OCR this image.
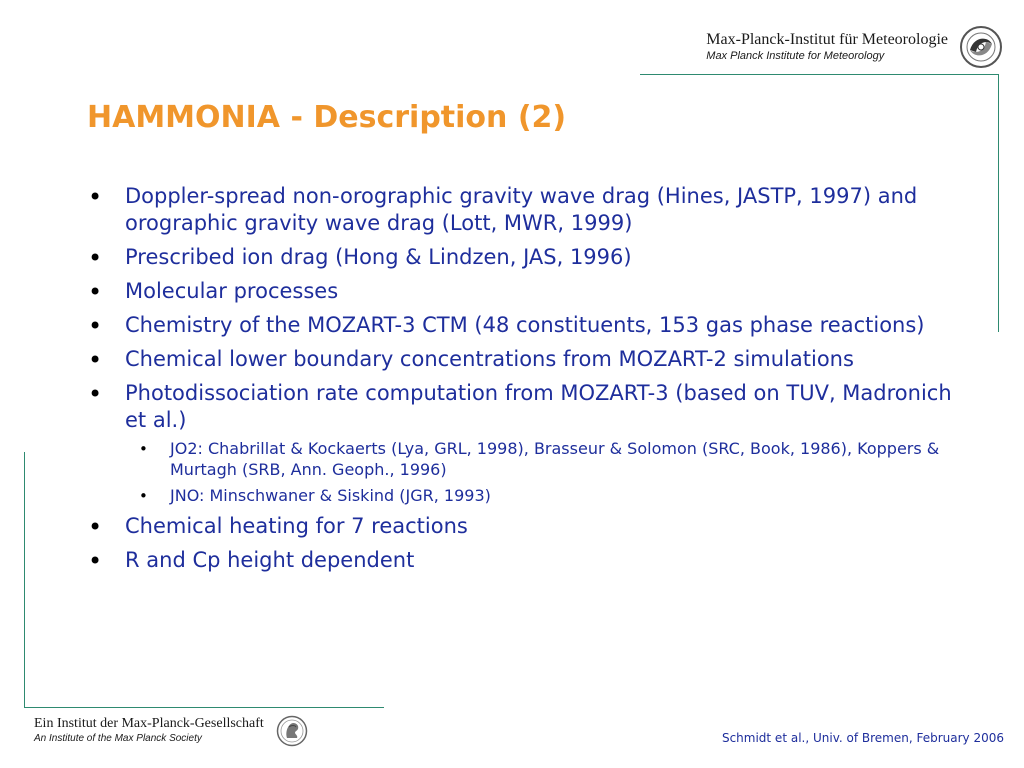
Max-Planck-Institut für Meteorologie
Max Planck Institute for Meteorology
HAMMONIA - Description (2)
• Doppler-spread non-orographic gravity wave drag (Hines, JASTP, 1997) and orographic gravity wave drag (Lott, MWR, 1999)
• Prescribed ion drag (Hong & Lindzen, JAS, 1996)
• Molecular processes
• Chemistry of the MOZART-3 CTM (48 constituents, 153 gas phase reactions)
• Chemical lower boundary concentrations from MOZART-2 simulations
• Photodissociation rate computation from MOZART-3 (based on TUV, Madronich et al.)
• JO2: Chabrillat & Kockaerts (Lya, GRL, 1998), Brasseur & Solomon (SRC, Book, 1986), Koppers & Murtagh (SRB, Ann. Geoph., 1996)
• JNO: Minschwaner & Siskind (JGR, 1993)
• Chemical heating for 7 reactions
• R and Cp height dependent
Ein Institut der Max-Planck-Gesellschaft
An Institute of the Max Planck Society	Schmidt et al., Univ. of Bremen, February 2006
